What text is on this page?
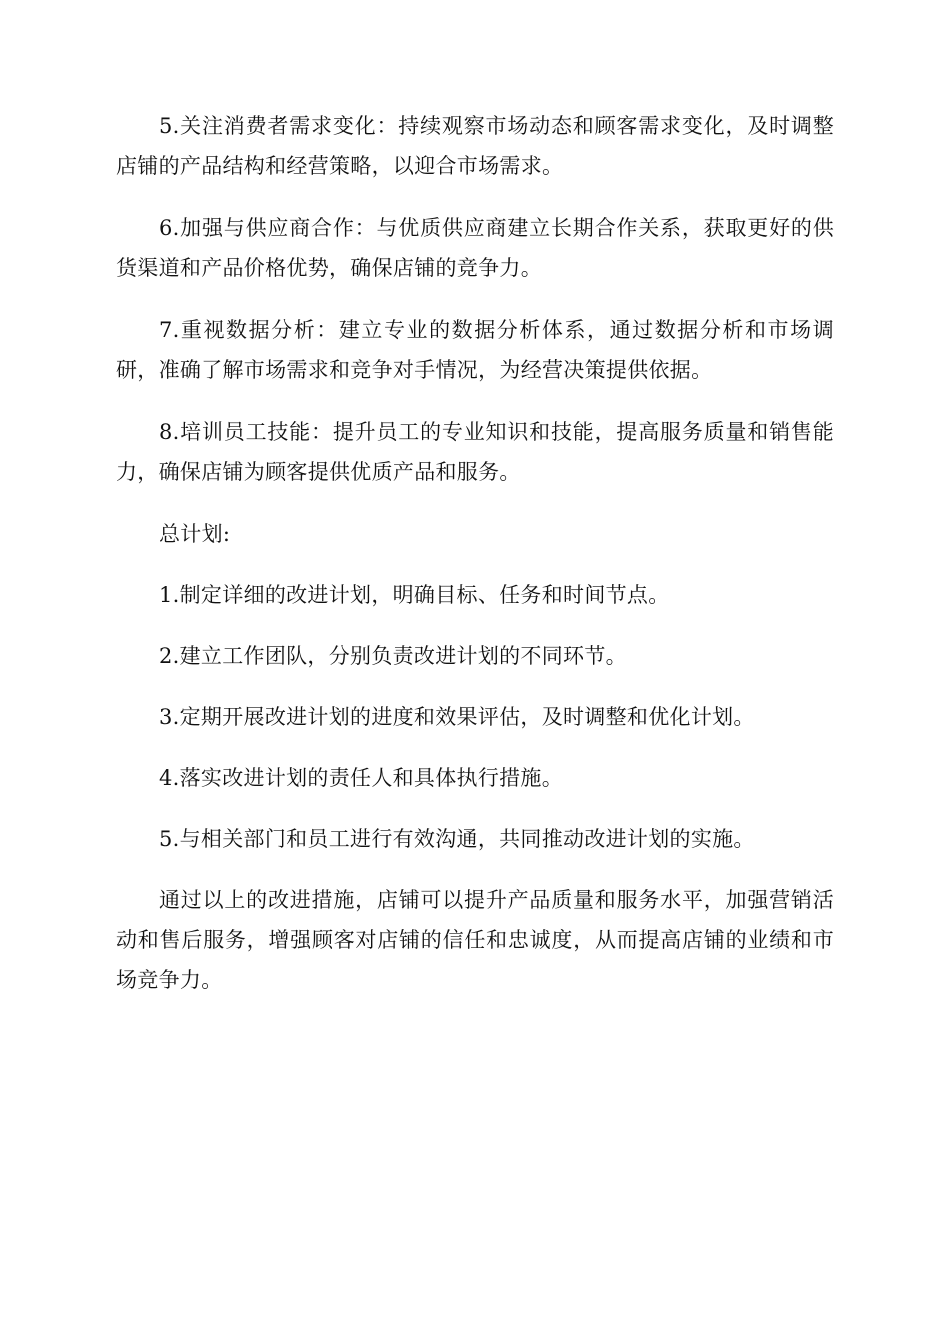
5.关注消费者需求变化：持续观察市场动态和顾客需求变化，及时调整店铺的产品结构和经营策略，以迎合市场需求。

6.加强与供应商合作：与优质供应商建立长期合作关系，获取更好的供货渠道和产品价格优势，确保店铺的竞争力。

7.重视数据分析：建立专业的数据分析体系，通过数据分析和市场调研，准确了解市场需求和竞争对手情况，为经营决策提供依据。

8.培训员工技能：提升员工的专业知识和技能，提高服务质量和销售能力，确保店铺为顾客提供优质产品和服务。

总计划:

1.制定详细的改进计划，明确目标、任务和时间节点。

2.建立工作团队，分别负责改进计划的不同环节。

3.定期开展改进计划的进度和效果评估，及时调整和优化计划。

4.落实改进计划的责任人和具体执行措施。

5.与相关部门和员工进行有效沟通，共同推动改进计划的实施。

通过以上的改进措施，店铺可以提升产品质量和服务水平，加强营销活动和售后服务，增强顾客对店铺的信任和忠诚度，从而提高店铺的业绩和市场竞争力。
